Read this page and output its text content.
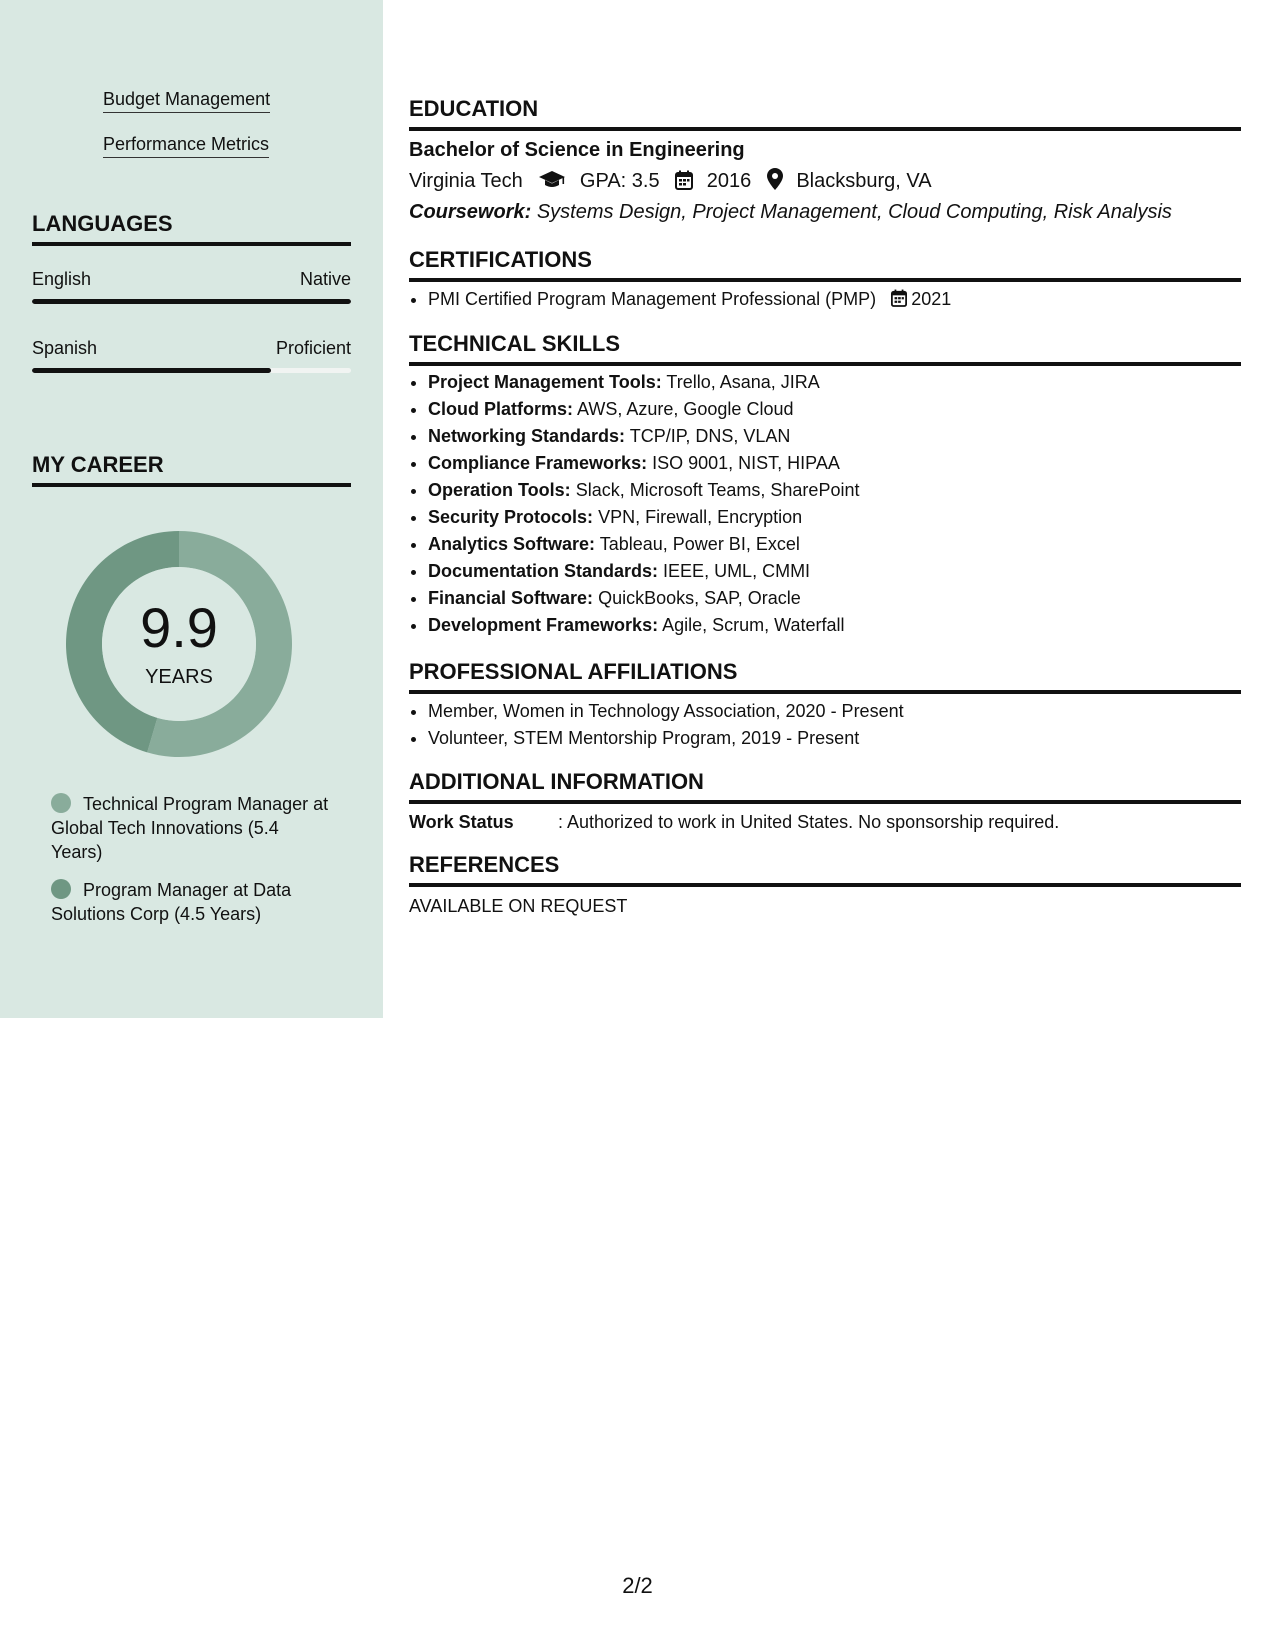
Budget Management
Performance Metrics
LANGUAGES
English	Native
Spanish	Proficient
MY CAREER
9.9
YEARS
Technical Program Manager at Global Tech Innovations (5.4 Years)
Program Manager at Data Solutions Corp (4.5 Years)
EDUCATION
Bachelor of Science in Engineering
Virginia Tech	GPA: 3.5 2016 Blacksburg, VA
Coursework: Systems Design, Project Management, Cloud Computing, Risk Analysis
CERTIFICATIONS
• PMI Certified Program Management Professional (PMP) 2021
TECHNICAL SKILLS
• Project Management Tools: Trello, Asana, JIRA
• Cloud Platforms: AWS, Azure, Google Cloud
• Networking Standards: TCP/IP, DNS, VLAN
• Compliance Frameworks: ISO 9001, NIST, HIPAA
• Operation Tools: Slack, Microsoft Teams, SharePoint
• Security Protocols: VPN, Firewall, Encryption
• Analytics Software: Tableau, Power BI, Excel
• Documentation Standards: IEEE, UML, CMMI
• Financial Software: QuickBooks, SAP, Oracle
• Development Frameworks: Agile, Scrum, Waterfall
PROFESSIONAL AFFILIATIONS
• Member, Women in Technology Association, 2020 - Present
• Volunteer, STEM Mentorship Program, 2019 - Present
ADDITIONAL INFORMATION
Work Status : Authorized to work in United States. No sponsorship required.
REFERENCES
AVAILABLE ON REQUEST
2/2
